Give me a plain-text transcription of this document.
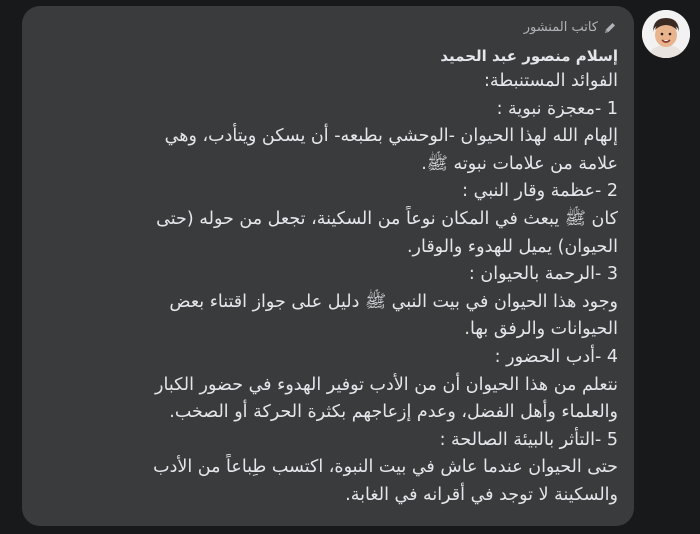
كاتب المنشور
إسلام منصور عبد الحميد
الفوائد المستنبطة:
1 -معجزة نبوية :
إلهام الله لهذا الحيوان -الوحشي بطبعه- أن يسكن ويتأدب، وهي
علامة من علامات نبوته ﷺ.
2 -عظمة وقار النبي :
كان ﷺ يبعث في المكان نوعاً من السكينة، تجعل من حوله (حتى
الحيوان) يميل للهدوء والوقار.
3 -الرحمة بالحيوان :
وجود هذا الحيوان في بيت النبي ﷺ دليل على جواز اقتناء بعض
الحيوانات والرفق بها.
4 -أدب الحضور :
نتعلم من هذا الحيوان أن من الأدب توفير الهدوء في حضور الكبار
والعلماء وأهل الفضل، وعدم إزعاجهم بكثرة الحركة أو الصخب.
5 -التأثر بالبيئة الصالحة :
حتى الحيوان عندما عاش في بيت النبوة، اكتسب طِباعاً من الأدب
والسكينة لا توجد في أقرانه في الغابة.
